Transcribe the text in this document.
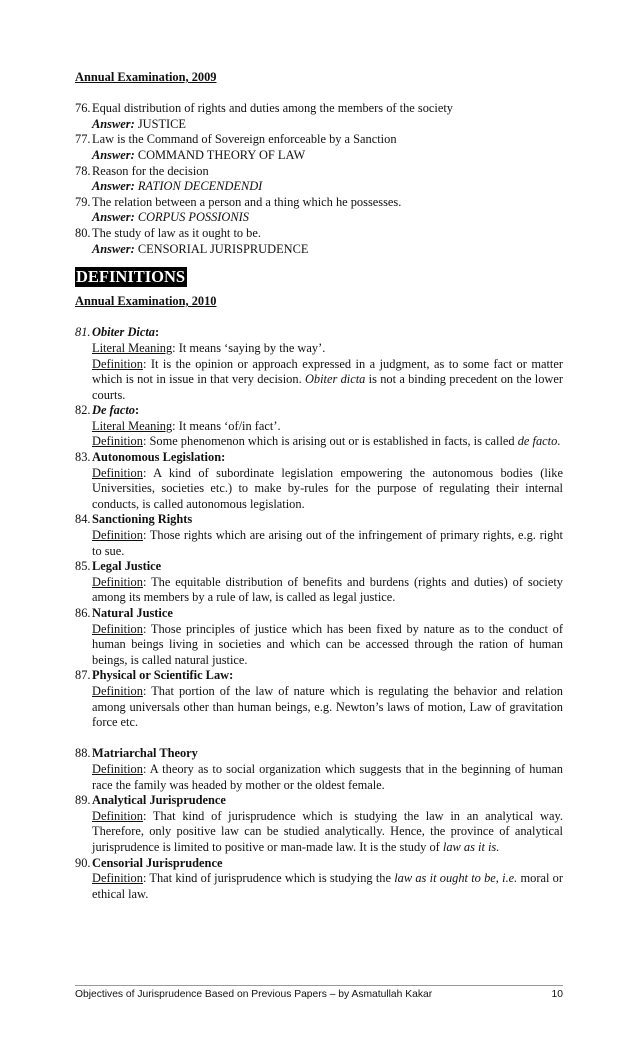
Annual Examination, 2009

76. Equal distribution of rights and duties among the members of the society
Answer: JUSTICE
77. Law is the Command of Sovereign enforceable by a Sanction
Answer: COMMAND THEORY OF LAW
78. Reason for the decision
Answer: RATION DECENDENDI
79. The relation between a person and a thing which he possesses.
Answer: CORPUS POSSIONIS
80. The study of law as it ought to be.
Answer: CENSORIAL JURISPRUDENCE
DEFINITIONS

Annual Examination, 2010

81. Obiter Dicta:
Literal Meaning: It means ‘saying by the way’.
Definition: It is the opinion or approach expressed in a judgment, as to some fact or matter which is not in issue in that very decision. Obiter dicta is not a binding precedent on the lower courts.
82. De facto:
Literal Meaning: It means ‘of/in fact’.
Definition: Some phenomenon which is arising out or is established in facts, is called de facto.
83. Autonomous Legislation:
Definition: A kind of subordinate legislation empowering the autonomous bodies (like Universities, societies etc.) to make by-rules for the purpose of regulating their internal conducts, is called autonomous legislation.
84. Sanctioning Rights
Definition: Those rights which are arising out of the infringement of primary rights, e.g. right to sue.
85. Legal Justice
Definition: The equitable distribution of benefits and burdens (rights and duties) of society among its members by a rule of law, is called as legal justice.
86. Natural Justice
Definition: Those principles of justice which has been fixed by nature as to the conduct of human beings living in societies and which can be accessed through the ration of human beings, is called natural justice.
87. Physical or Scientific Law:
Definition: That portion of the law of nature which is regulating the behavior and relation among universals other than human beings, e.g. Newton’s laws of motion, Law of gravitation force etc.
88. Matriarchal Theory
Definition: A theory as to social organization which suggests that in the beginning of human race the family was headed by mother or the oldest female.
89. Analytical Jurisprudence
Definition: That kind of jurisprudence which is studying the law in an analytical way. Therefore, only positive law can be studied analytically. Hence, the province of analytical jurisprudence is limited to positive or man-made law. It is the study of law as it is.
90. Censorial Jurisprudence
Definition: That kind of jurisprudence which is studying the law as it ought to be, i.e. moral or ethical law.
Objectives of Jurisprudence Based on Previous Papers – by Asmatullah Kakar	10
